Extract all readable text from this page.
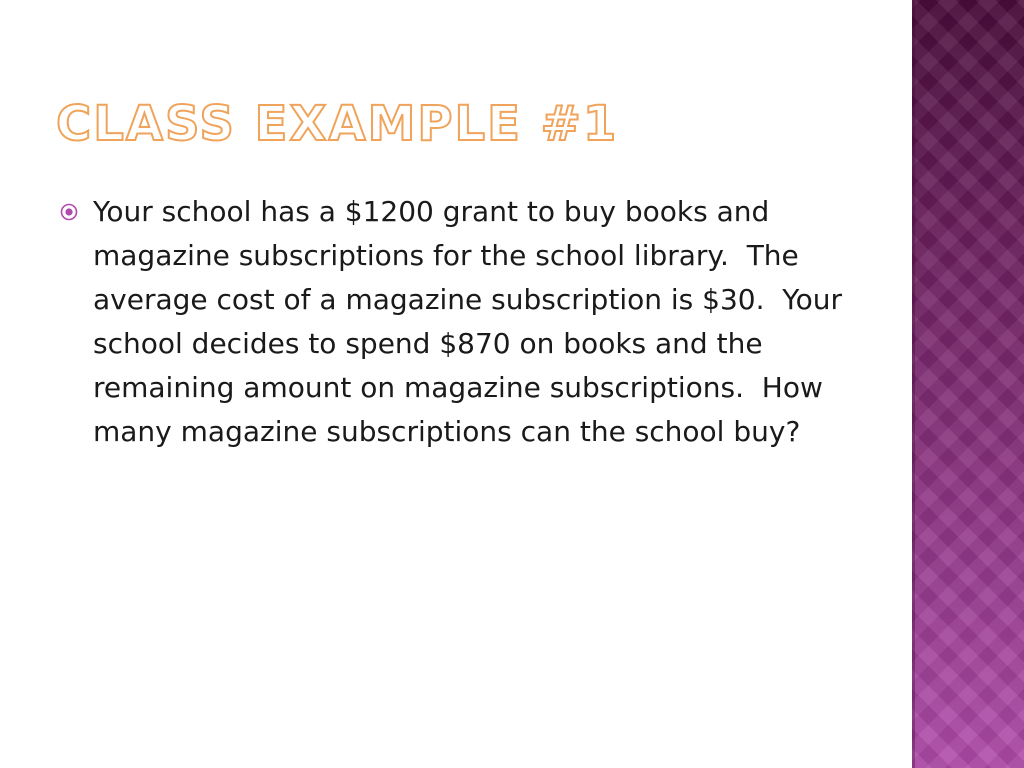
CLASS EXAMPLE #1
Your school has a $1200 grant to buy books and magazine subscriptions for the school library.  The average cost of a magazine subscription is $30.  Your school decides to spend $870 on books and the remaining amount on magazine subscriptions.  How many magazine subscriptions can the school buy?
